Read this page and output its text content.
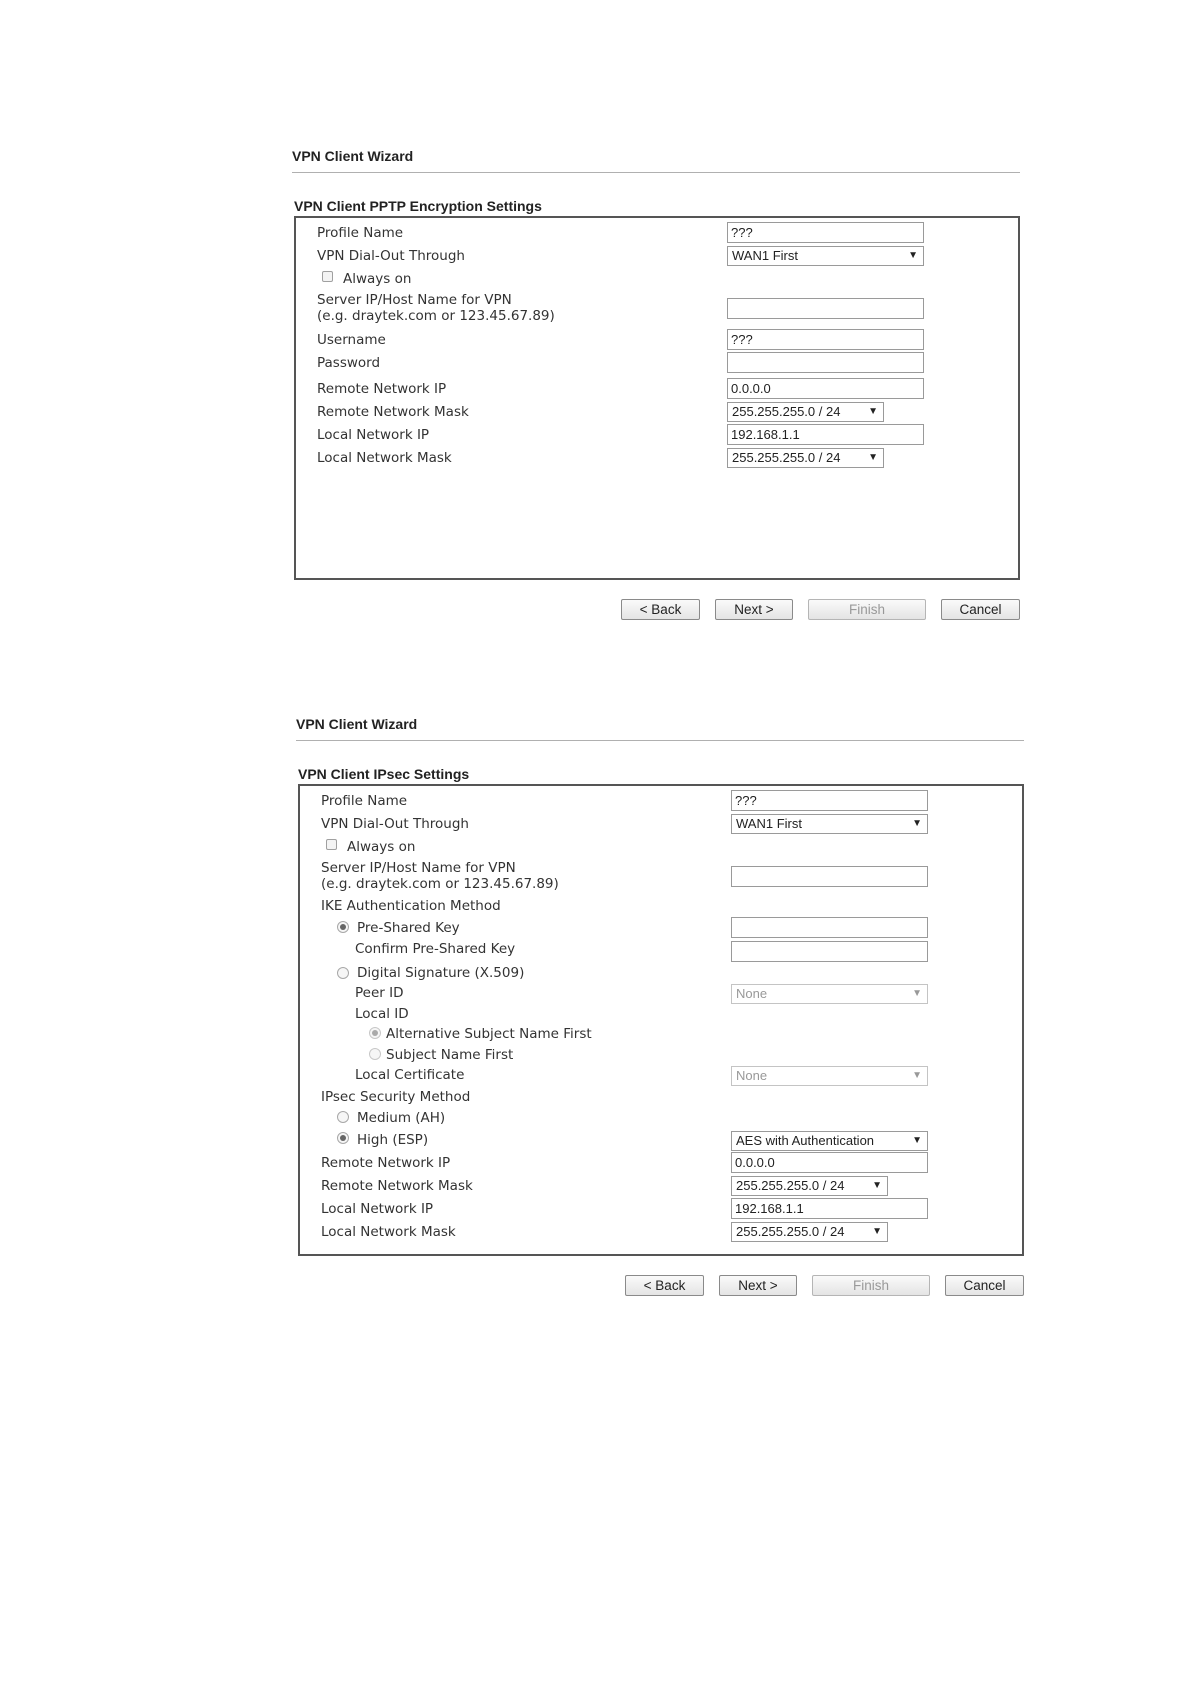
VPN Client Wizard
VPN Client PPTP Encryption Settings
Profile Name	???
VPN Dial-Out Through	WAN1 First	▼
Always on
Server IP/Host Name for VPN
(e.g. draytek.com or 123.45.67.89)
Username	???
Password
Remote Network IP	0.0.0.0
Remote Network Mask	255.255.255.0 / 24	▼
Local Network IP	192.168.1.1
Local Network Mask	255.255.255.0 / 24	▼
< Back	Next >	Finish	Cancel
VPN Client Wizard
VPN Client IPsec Settings
Profile Name	???
VPN Dial-Out Through	WAN1 First	▼
Always on
Server IP/Host Name for VPN
(e.g. draytek.com or 123.45.67.89)
IKE Authentication Method
Pre-Shared Key
Confirm Pre-Shared Key
Digital Signature (X.509)
Peer ID	None	▼
Local ID
Alternative Subject Name First
Subject Name First
Local Certificate	None	▼
IPsec Security Method
Medium (AH)
High (ESP)	AES with Authentication	▼
Remote Network IP	0.0.0.0
Remote Network Mask	255.255.255.0 / 24	▼
Local Network IP	192.168.1.1
Local Network Mask	255.255.255.0 / 24	▼
< Back	Next >	Finish	Cancel
